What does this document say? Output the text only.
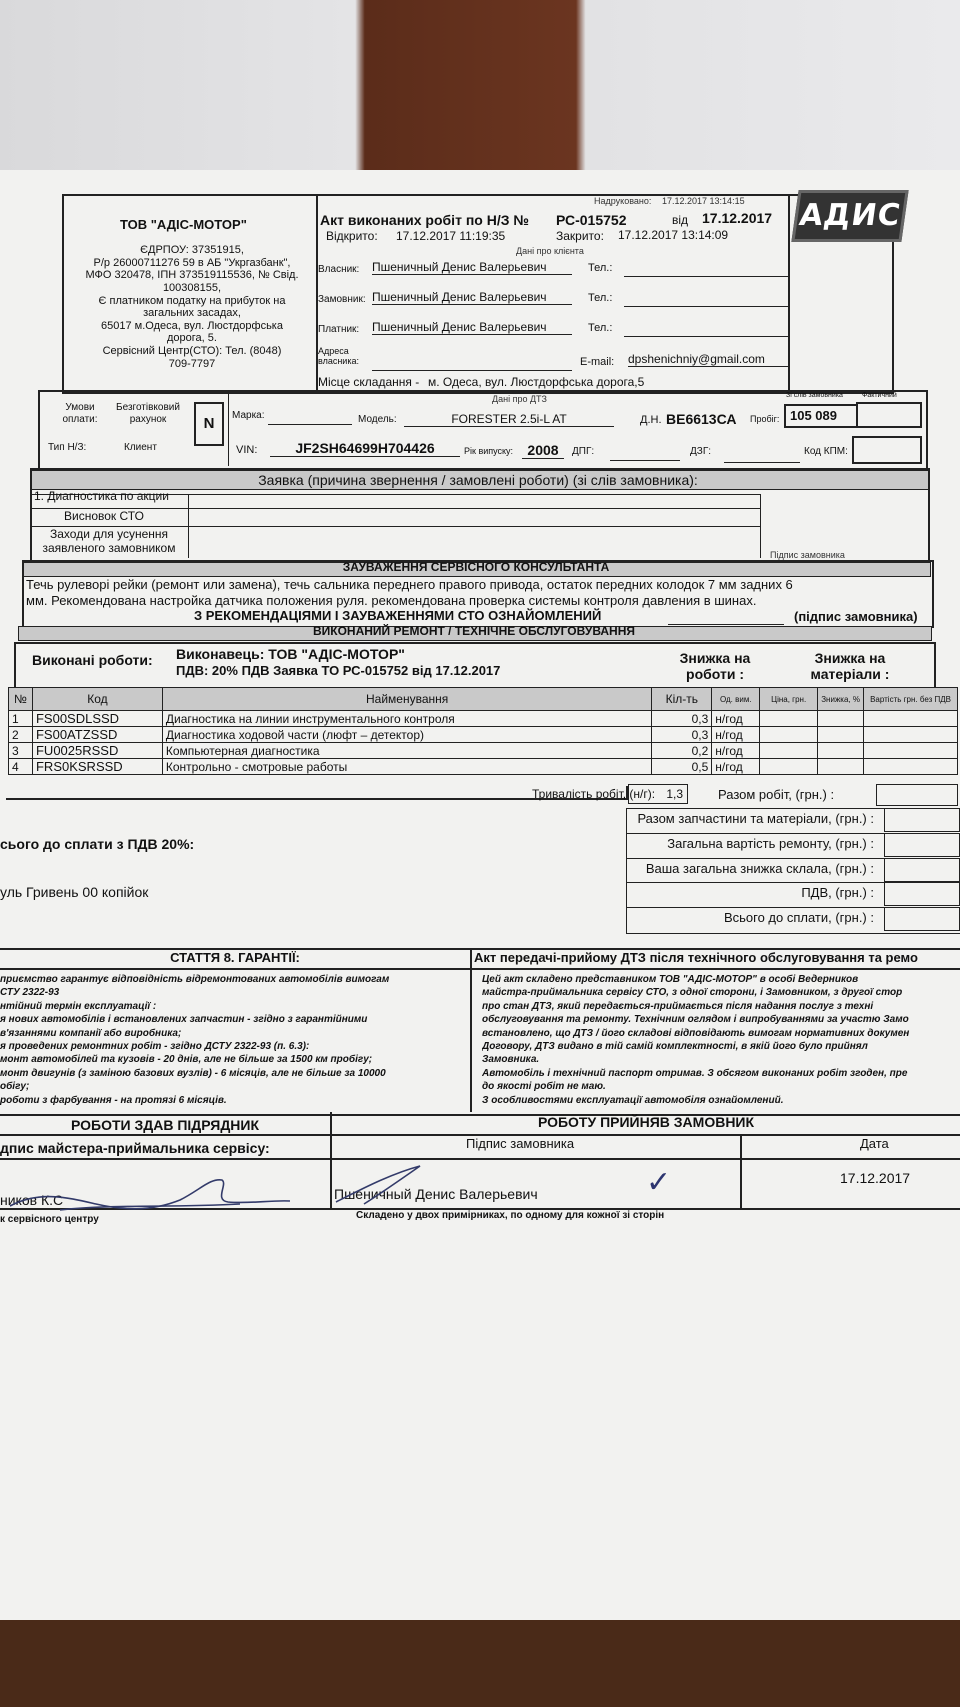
Надруковано: 17.12.2017 13:14:15
ТОВ "АДІС-МОТОР"
ЄДРПОУ: 37351915,
Р/р 26000711276 59 в АБ "Укргазбанк",
МФО 320478, ІПН 373519115536, № Свід.
100308155,
Є платником податку на прибуток на
загальних засадах,
65017 м.Одеса, вул. Люстдорфська
дорога, 5.
Сервісний Центр(СТО): Тел. (8048)
709-7797
Акт виконаних робіт по Н/З № РС-015752	від 17.12.2017
Відкрито: 17.12.2017 11:19:35	Закрито: 17.12.2017 13:14:09
АДИС
Дані про клієнта
Власник: Пшеничный Денис Валерьевич	Тел.:
Замовник: Пшеничный Денис Валерьевич	Тел.:
Платник: Пшеничный Денис Валерьевич	Тел.:
Адреса власника:	E-mail: dpshenichniy@gmail.com
Місце складання - м. Одеса, вул. Люстдорфська дорога,5
Дані про ДТЗ
Умови оплати:
Безготівковий рахунок
Тип Н/З:	Клиент
N	Марка:	Модель:	FORESTER 2.5i-L AT	Д.Н. ВЕ6613СА Пробіг:
Зі слів замовника	Фактичний
105 089
VIN:	JF2SH64699H704426	Рік випуску:	2008	ДПГ:	ДЗГ:	Код КПМ:
Заявка (причина звернення / замовлені роботи) (зі слів замовника):
1. Диагностика по акции
Висновок СТО
Заходи для усунення заявленого замовником
Підпис замовника
ЗАУВАЖЕННЯ СЕРВІСНОГО КОНСУЛЬТАНТА
Течь рулеворі рейки (ремонт или замена), течь сальника переднего правого привода, остаток передних колодок 7 мм задних 6
мм. Рекомендована настройка датчика положения руля. рекомендована проверка системы контроля давления в шинах.
З РЕКОМЕНДАЦІЯМИ І ЗАУВАЖЕННЯМИ СТО ОЗНАЙОМЛЕНИЙ	(підпис замовника)
ВИКОНАНИЙ РЕМОНТ / ТЕХНІЧНЕ ОБСЛУГОВУВАННЯ
Виконані роботи: Виконавець: ТОВ "АДІС-МОТОР"
ПДВ: 20% ПДВ Заявка ТО РС-015752 від 17.12.2017
Знижка на роботи :
Знижка на матеріали :
№	Код	Найменування	Кіл-ть	Од. вим.	Ціна, грн.	Знижка, %	Вартість грн. без ПДВ
1	FS00SDLSSD	Диагностика на линии инструментального контроля	0,3	н/год			
2	FS00ATZSSD	Диагностика ходовой части (люфт – детектор)	0,3	н/год			
3	FU0025RSSD	Компьютерная диагностика	0,2	н/год			
4	FRS0KSRSSD	Контрольно - смотровые работы	0,5	н/год			
Тривалість робіт, (н/г): 1,3	Разом робіт, (грн.) :
Разом запчастини та матеріали, (грн.) :
Загальна вартість ремонту, (грн.) :
Ваша загальна знижка склала, (грн.) :
ПДВ, (грн.) :
Всього до сплати, (грн.) :
сього до сплати з ПДВ 20%:
уль Гривень 00 копійок
СТАТТЯ 8. ГАРАНТІЇ:	Акт передачі-прийому ДТЗ після технічного обслуговування та ремо
приємство гарантує відповідність відремонтованих автомобілів вимогам
СТУ 2322-93
нтійний термін експлуатації :
я нових автомобілів і встановлених запчастин - згідно з гарантійними
в'язаннями компанії або виробника;
я проведених ремонтних робіт - згідно ДСТУ 2322-93 (п. 6.3):
монт автомобілей та кузовів - 20 днів, але не більше за 1500 км пробігу;
монт двигунів (з заміною базових вузлів) - 6 місяців, але не більше за 10000
обігу;
роботи з фарбування - на протязі 6 місяців.
Цей акт складено представником ТОВ "АДІС-МОТОР" в особі Ведерников
майстра-приймальника сервісу СТО, з одної сторони, і Замовником, з другої стор
про стан ДТЗ, який передається-приймається після надання послуг з техні
обслуговування та ремонту. Технічним оглядом і випробуваннями за участю Замо
встановлено, що ДТЗ / його складові відповідають вимогам нормативних докумен
Договору, ДТЗ видано в тій самій комплектності, в якій його було прийнял
Замовника.
Автомобіль і технічний паспорт отримав. З обсягом виконаних робіт згоден, пре
до якості робіт не маю.
З особливостями експлуатації автомобіля ознайомлений.
РОБОТИ ЗДАВ ПІДРЯДНИК	РОБОТУ ПРИЙНЯВ ЗАМОВНИК
дпис майстера-приймальника сервісу:	Підпис замовника	Дата
ников К.С
к сервісного центру
Пшеничный Денис Валерьевич	✓	17.12.2017
Складено у двох примірниках, по одному для кожної зі сторін
